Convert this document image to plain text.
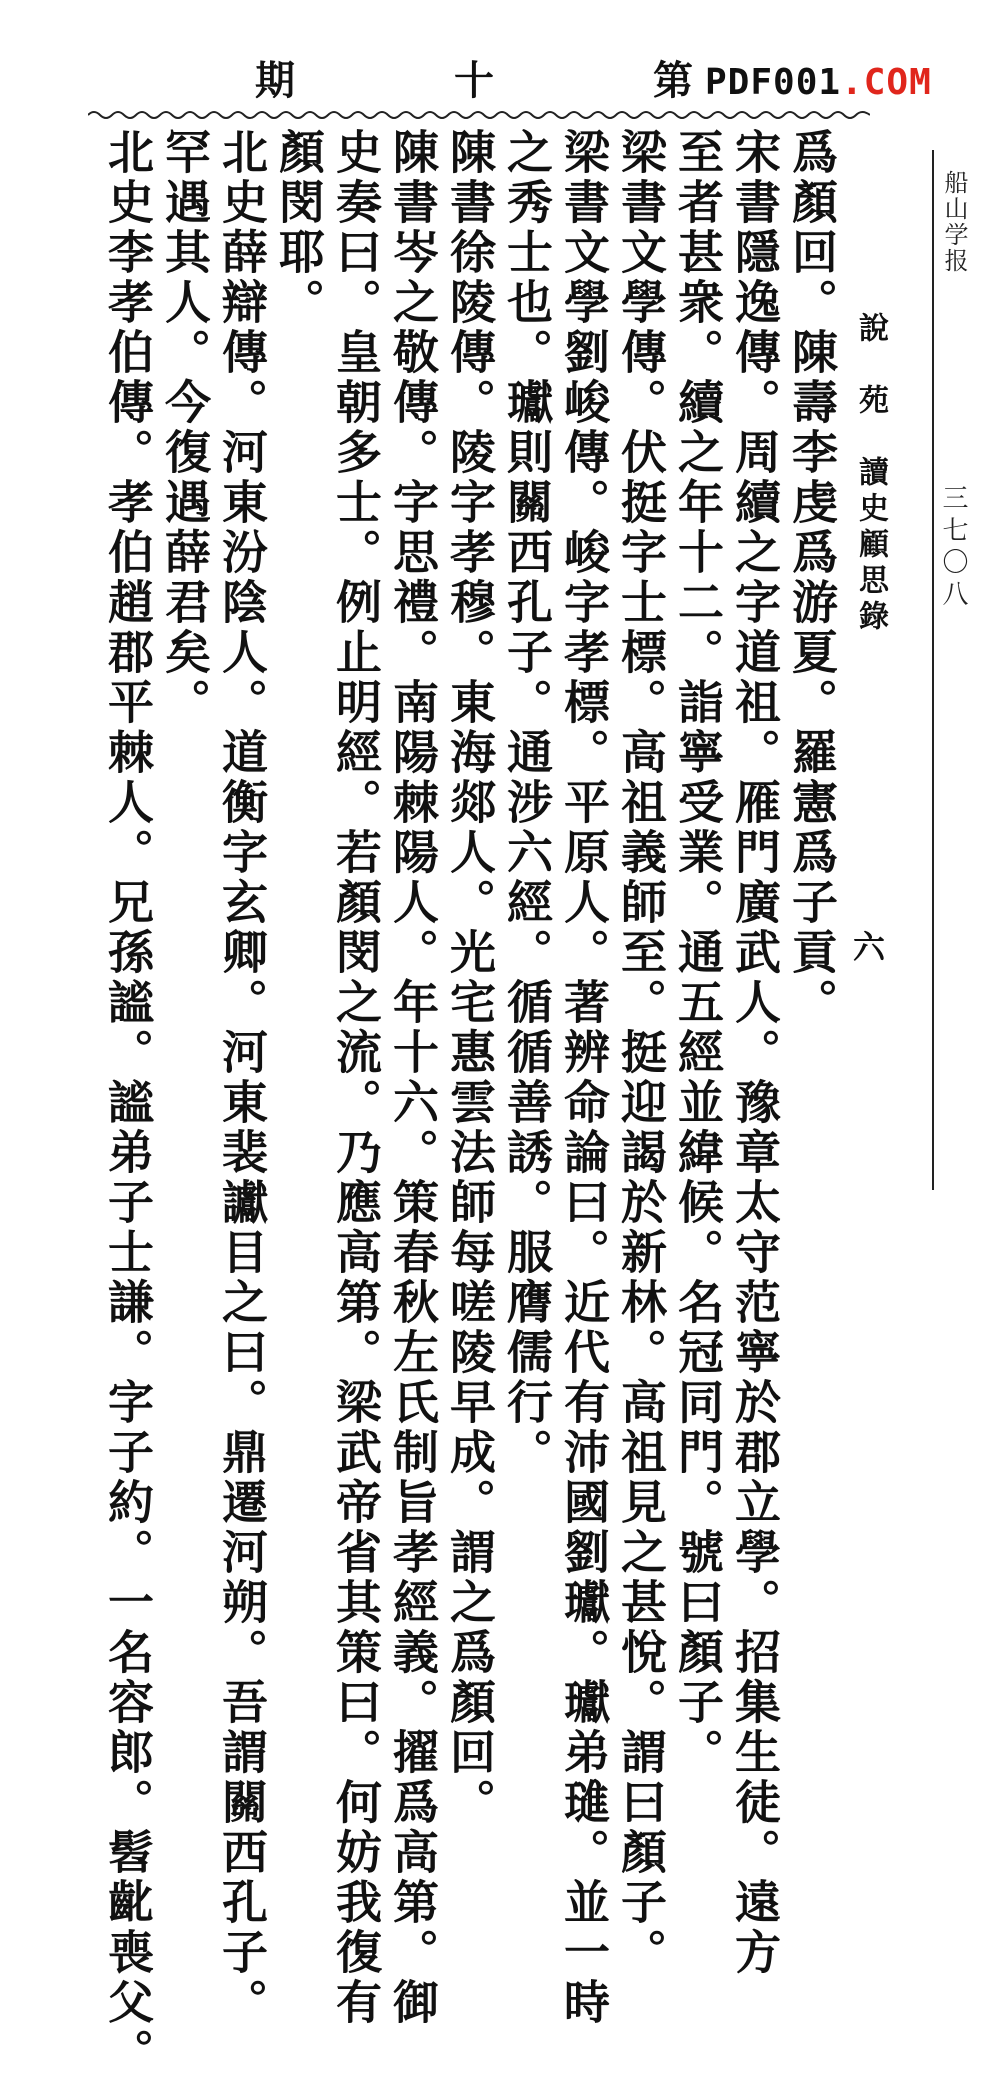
期	十	第 PDF001.COM
爲顏回。陳壽李虔爲游夏。羅憲爲子貢。
宋書隱逸傳。周續之字道祖。雁門廣武人。豫章太守范寧於郡立學。招集生徒。遠方
至者甚衆。續之年十二。詣寧受業。通五經並緯候。名冠同門。號曰顏子。
梁書文學傳。伏挺字士標。高祖義師至。挺迎謁於新林。高祖見之甚悅。謂曰顏子。
梁書文學劉峻傳。峻字孝標。平原人。著辨命論曰。近代有沛國劉瓛。瓛弟璡。並一時
之秀士也。瓛則關西孔子。通涉六經。循循善誘。服膺儒行。
陳書徐陵傳。陵字孝穆。東海郯人。光宅惠雲法師每嗟陵早成。謂之爲顏回。
陳書岑之敬傳。字思禮。南陽棘陽人。年十六。策春秋左氏制旨孝經義。擢爲高第。御
史奏曰。皇朝多士。例止明經。若顏閔之流。乃應高第。梁武帝省其策曰。何妨我復有
顏閔耶。
北史薛辯傳。河東汾陰人。道衡字玄卿。河東裴讞目之曰。鼎遷河朔。吾謂關西孔子。
罕遇其人。今復遇薛君矣。
北史李孝伯傳。孝伯趙郡平棘人。兄孫謐。謐弟子士謙。字子約。一名容郎。髫齔喪父。	說　苑　讀史顧思錄
六
船山学报
三七〇八
